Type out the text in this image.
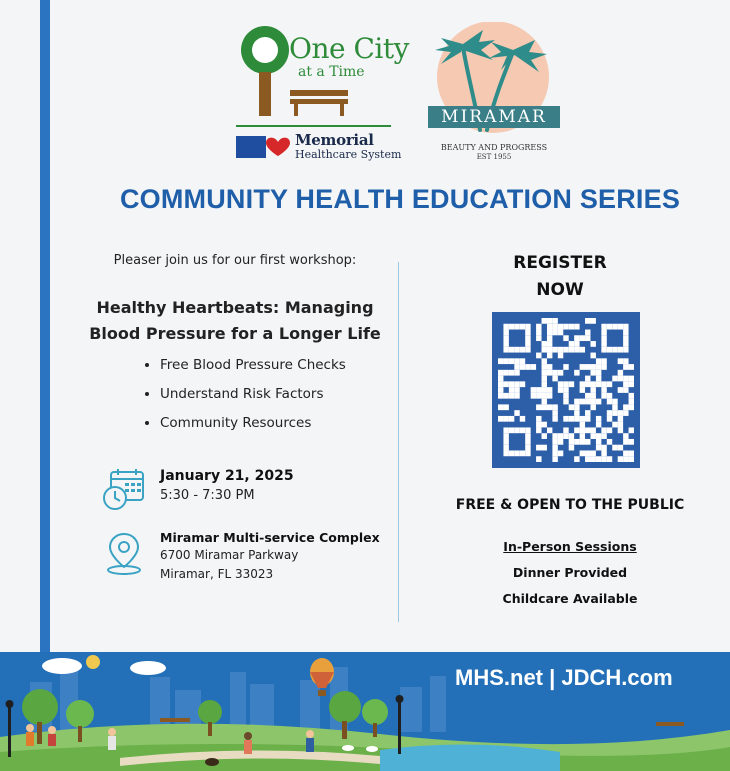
One City
at a Time
Memorial
Healthcare System
MIRAMAR
BEAUTY AND PROGRESS
EST 1955
COMMUNITY HEALTH EDUCATION SERIES
Pleaser join us for our first workshop:
Healthy Heartbeats: Managing Blood Pressure for a Longer Life
• Free Blood Pressure Checks
• Understand Risk Factors
• Community Resources
January 21, 2025
5:30 - 7:30 PM
Miramar Multi-service Complex
6700 Miramar Parkway
Miramar, FL 33023
REGISTER
NOW
FREE & OPEN TO THE PUBLIC
In-Person Sessions
Dinner Provided
Childcare Available
MHS.net | JDCH.com
